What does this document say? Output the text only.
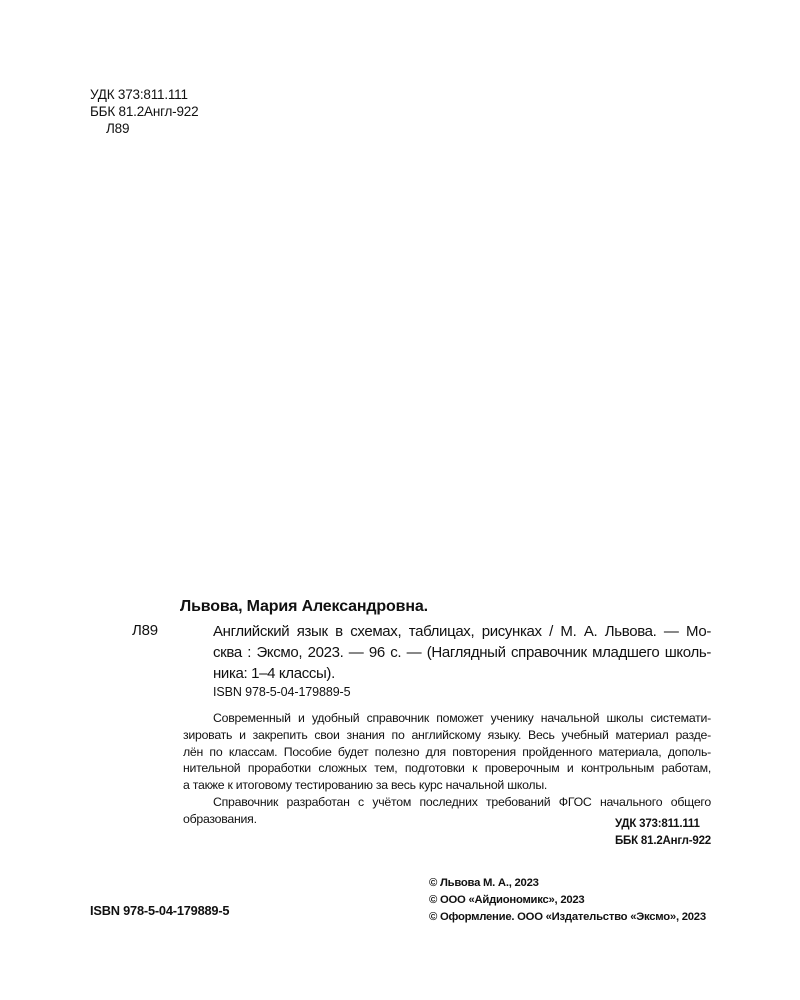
УДК 373:811.111
ББК 81.2Англ-922
Л89
Львова, Мария Александровна.
Л89	Английский язык в схемах, таблицах, рисунках / М. А. Львова. — Мо-
сква : Эксмо, 2023. — 96 с. — (Наглядный справочник младшего школь-
ника: 1–4 классы).
ISBN 978-5-04-179889-5
Современный и удобный справочник поможет ученику начальной школы системати-
зировать и закрепить свои знания по английскому языку. Весь учебный материал разде-
лён по классам. Пособие будет полезно для повторения пройденного материала, дополь-
нительной проработки сложных тем, подготовки к проверочным и контрольным работам,
а также к итоговому тестированию за весь курс начальной школы.
Справочник разработан с учётом последних требований ФГОС начального общего
образования.	УДК 373:811.111
ББК 81.2Англ-922
ISBN 978-5-04-179889-5
© Львова М. А., 2023
© ООО «Айдиономикс», 2023
© Оформление. ООО «Издательство «Эксмо», 2023
